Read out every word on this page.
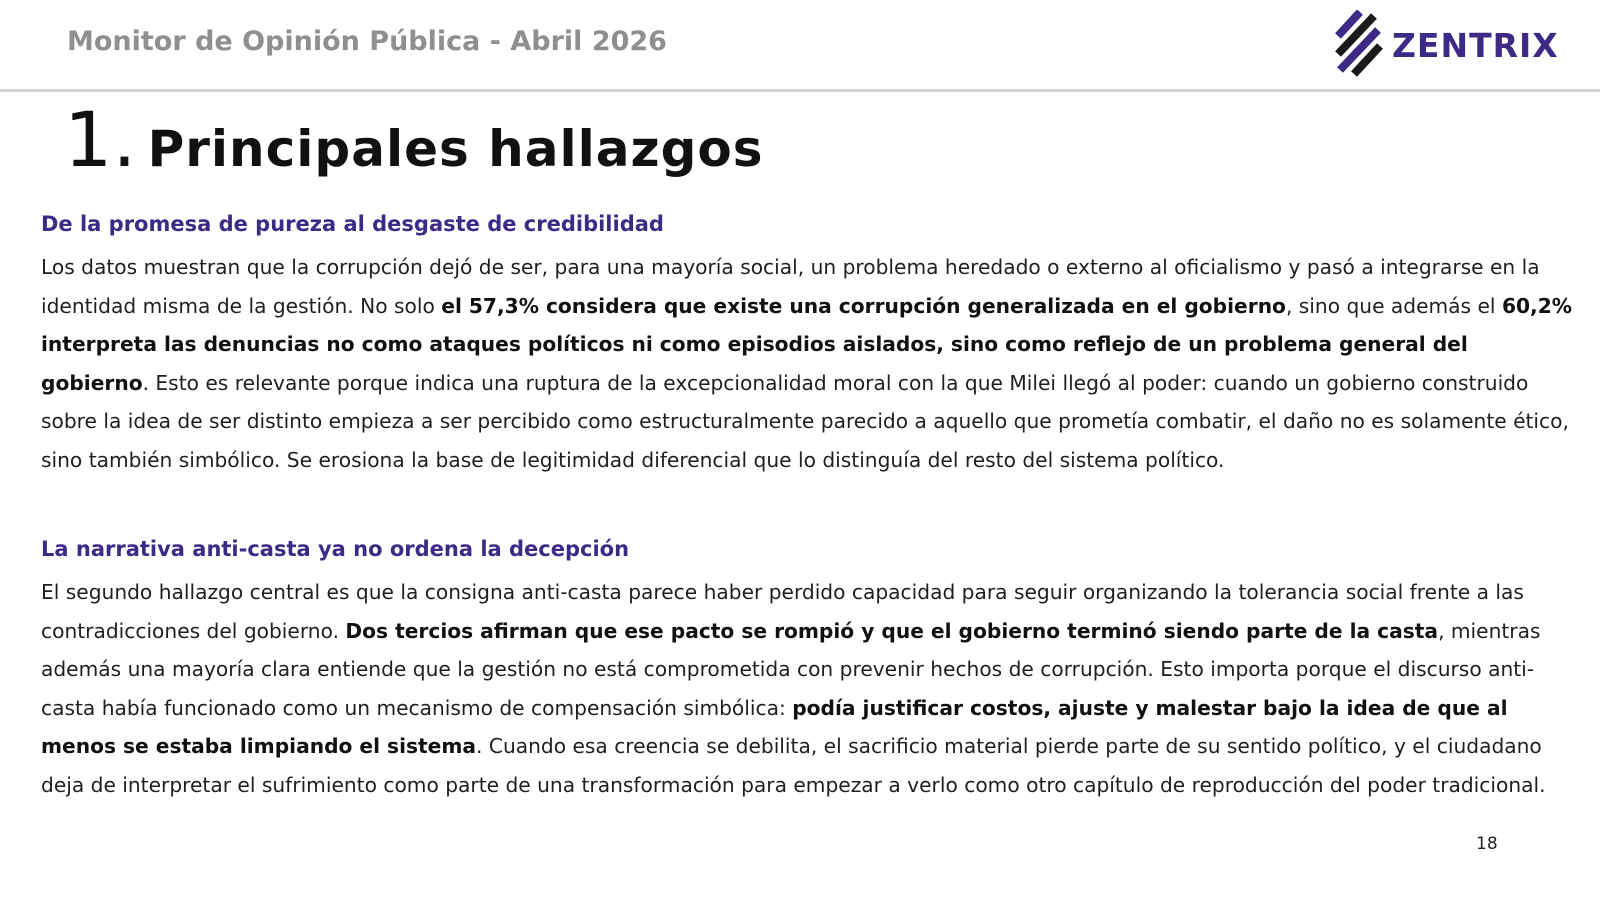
Monitor de Opinión Pública - Abril 2026	ZENTRIX
1. Principales hallazgos
De la promesa de pureza al desgaste de credibilidad

Los datos muestran que la corrupción dejó de ser, para una mayoría social, un problema heredado o externo al oficialismo y pasó a integrarse en la identidad misma de la gestión. No solo el 57,3% considera que existe una corrupción generalizada en el gobierno, sino que además el 60,2% interpreta las denuncias no como ataques políticos ni como episodios aislados, sino como reflejo de un problema general del gobierno. Esto es relevante porque indica una ruptura de la excepcionalidad moral con la que Milei llegó al poder: cuando un gobierno construido sobre la idea de ser distinto empieza a ser percibido como estructuralmente parecido a aquello que prometía combatir, el daño no es solamente ético, sino también simbólico. Se erosiona la base de legitimidad diferencial que lo distinguía del resto del sistema político.

La narrativa anti-casta ya no ordena la decepción

El segundo hallazgo central es que la consigna anti-casta parece haber perdido capacidad para seguir organizando la tolerancia social frente a las contradicciones del gobierno. Dos tercios afirman que ese pacto se rompió y que el gobierno terminó siendo parte de la casta, mientras además una mayoría clara entiende que la gestión no está comprometida con prevenir hechos de corrupción. Esto importa porque el discurso anti-casta había funcionado como un mecanismo de compensación simbólica: podía justificar costos, ajuste y malestar bajo la idea de que al menos se estaba limpiando el sistema. Cuando esa creencia se debilita, el sacrificio material pierde parte de su sentido político, y el ciudadano deja de interpretar el sufrimiento como parte de una transformación para empezar a verlo como otro capítulo de reproducción del poder tradicional.

18
